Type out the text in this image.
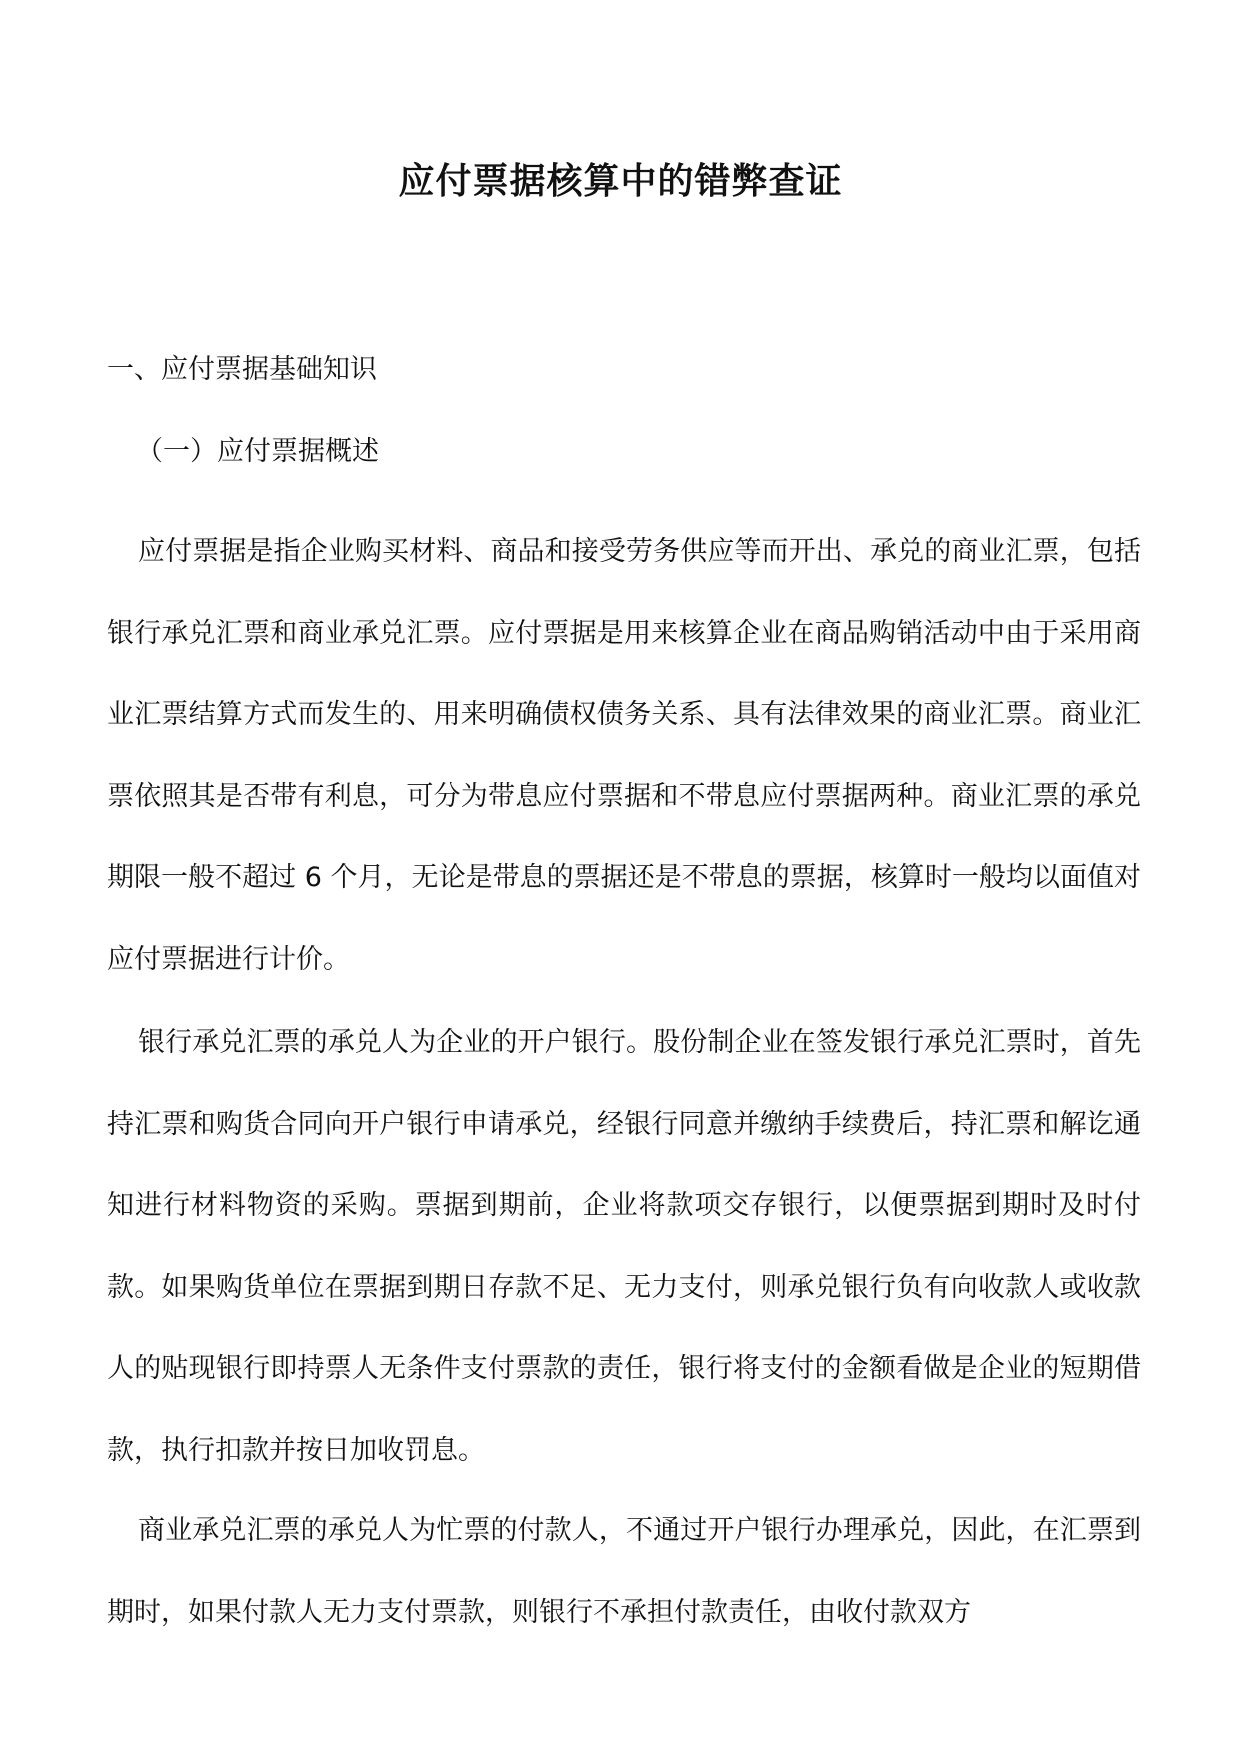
应付票据核算中的错弊查证
一、应付票据基础知识
（一）应付票据概述

应付票据是指企业购买材料、商品和接受劳务供应等而开出、承兑的商业汇票，包括银行承兑汇票和商业承兑汇票。应付票据是用来核算企业在商品购销活动中由于采用商业汇票结算方式而发生的、用来明确债权债务关系、具有法律效果的商业汇票。商业汇票依照其是否带有利息，可分为带息应付票据和不带息应付票据两种。商业汇票的承兑期限一般不超过 6 个月，无论是带息的票据还是不带息的票据，核算时一般均以面值对应付票据进行计价。

银行承兑汇票的承兑人为企业的开户银行。股份制企业在签发银行承兑汇票时，首先持汇票和购货合同向开户银行申请承兑，经银行同意并缴纳手续费后，持汇票和解讫通知进行材料物资的采购。票据到期前，企业将款项交存银行，以便票据到期时及时付款。如果购货单位在票据到期日存款不足、无力支付，则承兑银行负有向收款人或收款人的贴现银行即持票人无条件支付票款的责任，银行将支付的金额看做是企业的短期借款，执行扣款并按日加收罚息。

商业承兑汇票的承兑人为忙票的付款人，不通过开户银行办理承兑，因此，在汇票到期时，如果付款人无力支付票款，则银行不承担付款责任，由收付款双方
